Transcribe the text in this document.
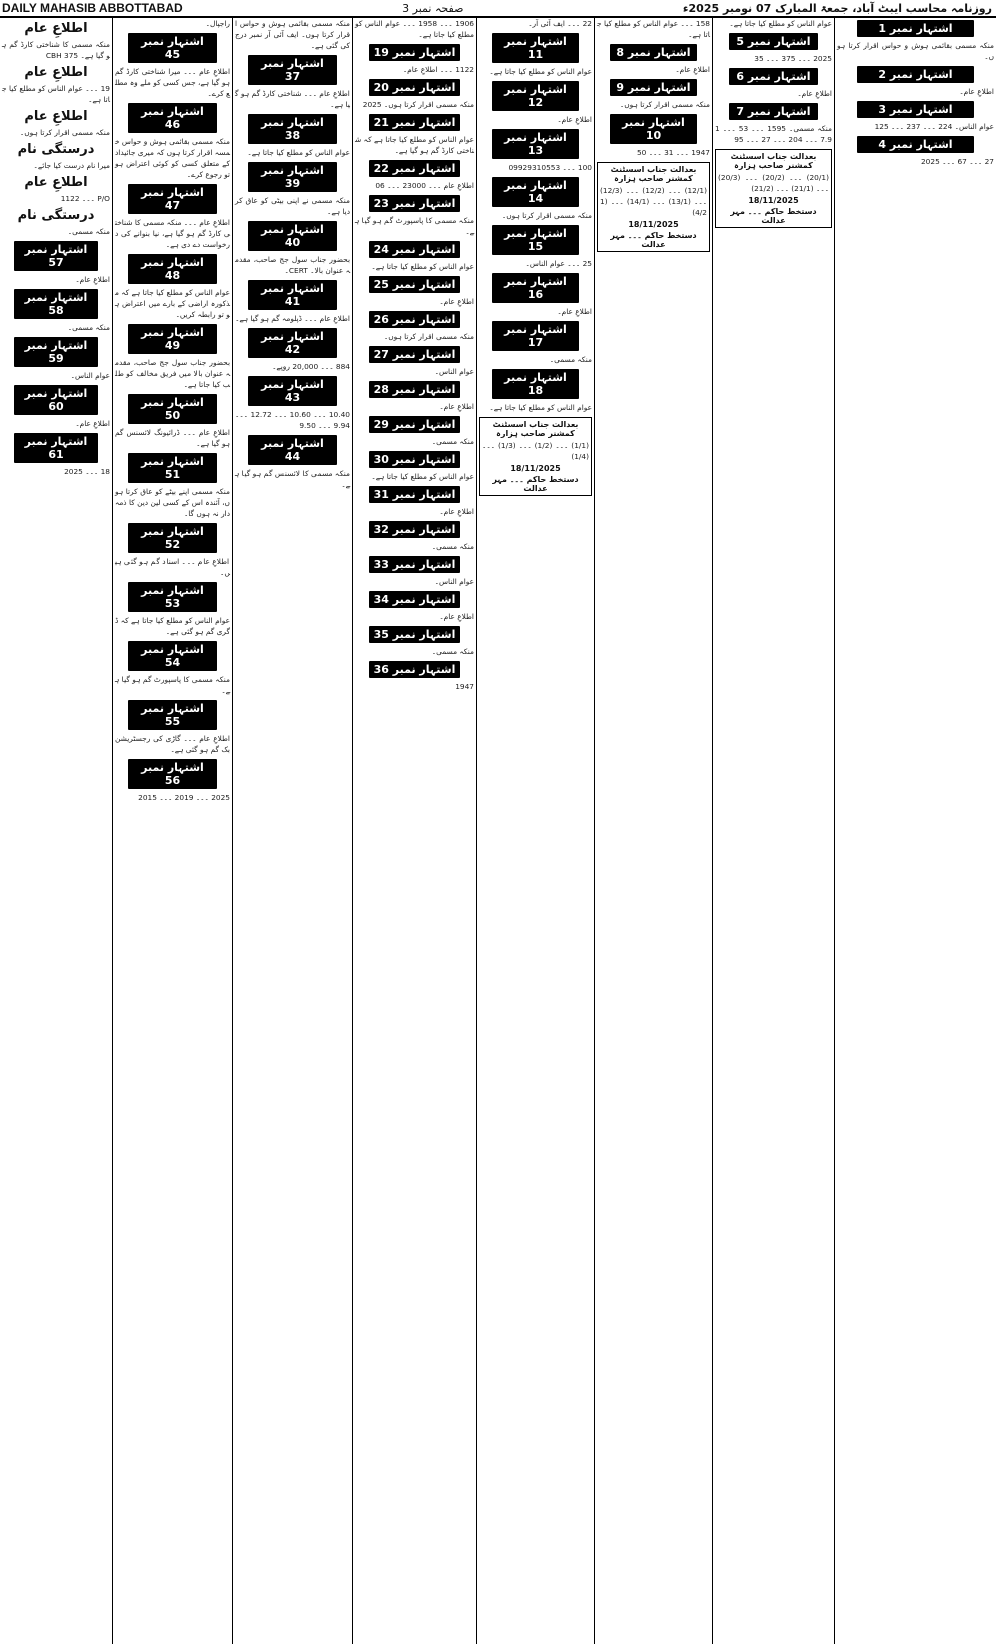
DAILY MAHASIB ABBOTTABAD	صفحہ نمبر 3	روزنامہ محاسب ایبٹ آباد، جمعۃ المبارک 07 نومبر 2025ء
اطلاعِ عام
منکہ مسمی کا شناختی کارڈ گم ہو گیا ہے۔ 375 CBH
اطلاعِ عام
19 ۔۔۔ عوام الناس کو مطلع کیا جاتا ہے۔
اطلاعِ عام
منکہ مسمی اقرار کرتا ہوں۔
درستگی نام
میرا نام درست کیا جائے۔
اطلاعِ عام
P/O ۔۔۔ 1122
درستگی نام
منکہ مسمی۔
اشتہار نمبر 57
اطلاعِ عام۔
اشتہار نمبر 58
منکہ مسمی۔
اشتہار نمبر 59
عوام الناس۔
اشتہار نمبر 60
اطلاعِ عام۔
اشتہار نمبر 61
18 ۔۔۔ 2025
راجپال۔
اشتہار نمبر 45
اطلاعِ عام ۔۔۔ میرا شناختی کارڈ گم ہو گیا ہے، جس کسی کو ملے وہ مطلع کرے۔
اشتہار نمبر 46
منکہ مسمی بقائمی ہوش و حواس خمسہ اقرار کرتا ہوں کہ میری جائیداد کے متعلق کسی کو کوئی اعتراض ہو تو رجوع کرے۔
اشتہار نمبر 47
اطلاعِ عام ۔۔۔ منکہ مسمی کا شناختی کارڈ گم ہو گیا ہے، نیا بنوانے کی درخواست دے دی ہے۔
اشتہار نمبر 48
عوام الناس کو مطلع کیا جاتا ہے کہ مذکورہ اراضی کے بارے میں اعتراض ہو تو رابطہ کریں۔
اشتہار نمبر 49
بحضور جناب سول جج صاحب، مقدمہ عنوان بالا میں فریق مخالف کو طلب کیا جاتا ہے۔
اشتہار نمبر 50
اطلاعِ عام ۔۔۔ ڈرائیونگ لائسنس گم ہو گیا ہے۔
اشتہار نمبر 51
منکہ مسمی اپنے بیٹے کو عاق کرتا ہوں، آئندہ اس کے کسی لین دین کا ذمہ دار نہ ہوں گا۔
اشتہار نمبر 52
اطلاعِ عام ۔۔۔ اسناد گم ہو گئی ہیں۔
اشتہار نمبر 53
عوام الناس کو مطلع کیا جاتا ہے کہ ڈگری گم ہو گئی ہے۔
اشتہار نمبر 54
منکہ مسمی کا پاسپورٹ گم ہو گیا ہے۔
اشتہار نمبر 55
اطلاعِ عام ۔۔۔ گاڑی کی رجسٹریشن بک گم ہو گئی ہے۔
اشتہار نمبر 56
2025 ۔۔۔ 2019 ۔۔۔ 2015
منکہ مسمی بقائمی ہوش و حواس اقرار کرتا ہوں۔ ایف آئی آر نمبر درج کی گئی ہے۔
اشتہار نمبر 37
اطلاعِ عام ۔۔۔ شناختی کارڈ گم ہو گیا ہے۔
اشتہار نمبر 38
عوام الناس کو مطلع کیا جاتا ہے۔
اشتہار نمبر 39
منکہ مسمی نے اپنی بیٹی کو عاق کر دیا ہے۔
اشتہار نمبر 40
بحضور جناب سول جج صاحب، مقدمہ عنوان بالا۔ CERT۔
اشتہار نمبر 41
اطلاعِ عام ۔۔۔ ڈپلومہ گم ہو گیا ہے۔
اشتہار نمبر 42
884 ۔۔۔ 20,000 روپے۔
اشتہار نمبر 43
10.40 ۔۔۔ 10.60 ۔۔۔ 12.72 ۔۔۔ 9.94 ۔۔۔ 9.50
اشتہار نمبر 44
منکہ مسمی کا لائسنس گم ہو گیا ہے۔
1906 ۔۔۔ 1958 ۔۔۔ عوام الناس کو مطلع کیا جاتا ہے۔
اشتہار نمبر 19
1122 ۔۔۔ اطلاعِ عام۔
اشتہار نمبر 20
منکہ مسمی اقرار کرتا ہوں۔ 2025
اشتہار نمبر 21
عوام الناس کو مطلع کیا جاتا ہے کہ شناختی کارڈ گم ہو گیا ہے۔
اشتہار نمبر 22
اطلاعِ عام ۔۔۔ 23000 ۔۔۔ 06
اشتہار نمبر 23
منکہ مسمی کا پاسپورٹ گم ہو گیا ہے۔
اشتہار نمبر 24
عوام الناس کو مطلع کیا جاتا ہے۔
اشتہار نمبر 25
اطلاعِ عام۔
اشتہار نمبر 26
منکہ مسمی اقرار کرتا ہوں۔
اشتہار نمبر 27
عوام الناس۔
اشتہار نمبر 28
اطلاعِ عام۔
اشتہار نمبر 29
منکہ مسمی۔
اشتہار نمبر 30
عوام الناس کو مطلع کیا جاتا ہے۔
اشتہار نمبر 31
اطلاعِ عام۔
اشتہار نمبر 32
منکہ مسمی۔
اشتہار نمبر 33
عوام الناس۔
اشتہار نمبر 34
اطلاعِ عام۔
اشتہار نمبر 35
منکہ مسمی۔
اشتہار نمبر 36
1947
22 ۔۔۔ ایف آئی آر۔
اشتہار نمبر 11
عوام الناس کو مطلع کیا جاتا ہے۔
اشتہار نمبر 12
اطلاعِ عام۔
اشتہار نمبر 13
100 ۔۔۔ 09929310553
اشتہار نمبر 14
منکہ مسمی اقرار کرتا ہوں۔
اشتہار نمبر 15
25 ۔۔۔ عوام الناس۔
اشتہار نمبر 16
اطلاعِ عام۔
اشتہار نمبر 17
منکہ مسمی۔
اشتہار نمبر 18
عوام الناس کو مطلع کیا جاتا ہے۔
بعدالت جناب اسسٹنٹ کمشنر صاحب ہزارہ
(1/1) ۔۔۔ (1/2) ۔۔۔ (1/3) ۔۔۔ (1/4)
18/11/2025
دستخط حاکم ۔۔۔ مہر عدالت
158 ۔۔۔ عوام الناس کو مطلع کیا جاتا ہے۔
اشتہار نمبر 8
اطلاعِ عام۔
اشتہار نمبر 9
منکہ مسمی اقرار کرتا ہوں۔
اشتہار نمبر 10
1947 ۔۔۔ 31 ۔۔۔ 50
بعدالت جناب اسسٹنٹ کمشنر صاحب ہزارہ
(12/1) ۔۔۔ (12/2) ۔۔۔ (12/3) ۔۔۔ (13/1) ۔۔۔ (14/1) ۔۔۔ (14/2)
18/11/2025
دستخط حاکم ۔۔۔ مہر عدالت
عوام الناس کو مطلع کیا جاتا ہے۔
اشتہار نمبر 5
2025 ۔۔۔ 375 ۔۔۔ 35
اشتہار نمبر 6
اطلاعِ عام۔
اشتہار نمبر 7
منکہ مسمی۔ 1595 ۔۔۔ 53 ۔۔۔ 17.9 ۔۔۔ 204 ۔۔۔ 27 ۔۔۔ 95
بعدالت جناب اسسٹنٹ کمشنر صاحب ہزارہ
(20/1) ۔۔۔ (20/2) ۔۔۔ (20/3) ۔۔۔ (21/1) ۔۔۔ (21/2)
18/11/2025
دستخط حاکم ۔۔۔ مہر عدالت
اشتہار نمبر 1
منکہ مسمی بقائمی ہوش و حواس اقرار کرتا ہوں۔
اشتہار نمبر 2
اطلاعِ عام۔
اشتہار نمبر 3
عوام الناس۔ 224 ۔۔۔ 237 ۔۔۔ 125
اشتہار نمبر 4
27 ۔۔۔ 67 ۔۔۔ 2025
